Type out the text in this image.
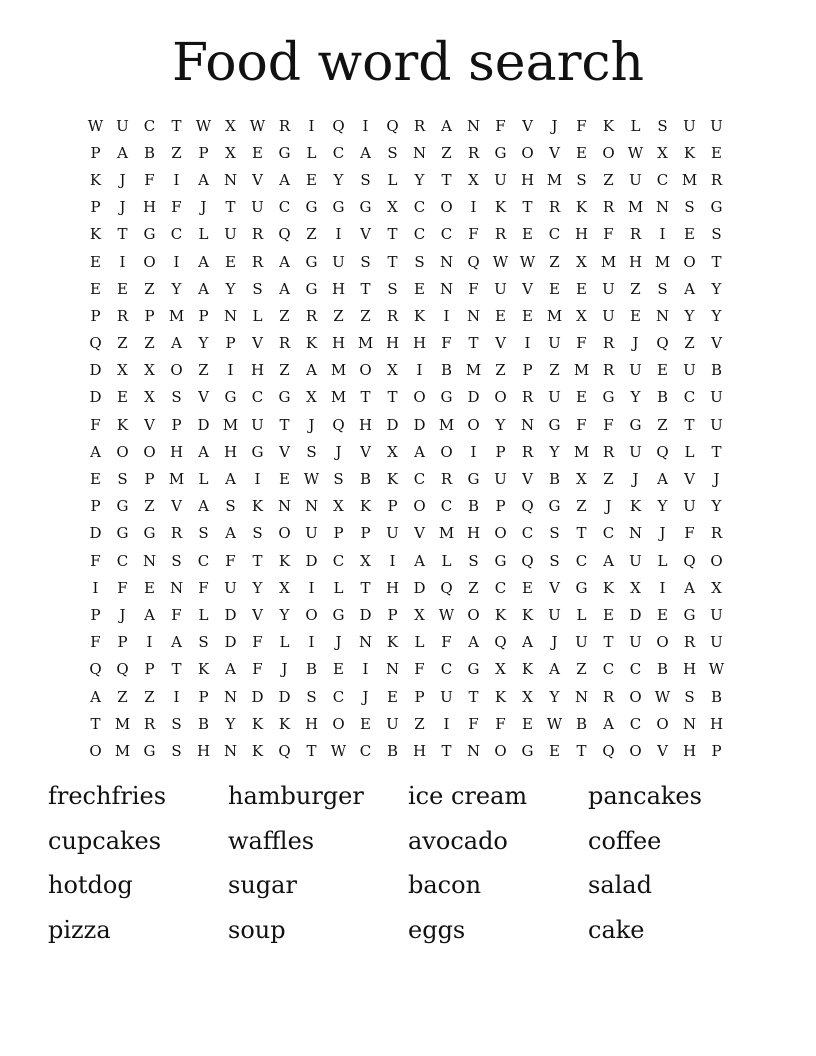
Food word search
W U C	T W X W R	I	Q	I	Q	R	A	N	F	V	J	F	K	L	S	U U
P	A	B	Z	P	X	E	G	L	C	A	S	N	Z	R	G O	V	E	O W X	K	E
K	J	F	I	A	N	V	A	E	Y	S	L	Y	T	X	U H M S	Z	U C M R
P	J	H	F	J	T	U C	G	G	G	X	C	O	I	K	T	R	K	R M N	S	G
K	T	G	C	L	U	R	Q	Z	I	V	T	C	C	F	R	E	C H	F	R	I	E	S
E	I	O	I	A	E	R	A	G U	S	T	S	N Q W W Z	X M H M O	T
E	E	Z	Y	A	Y	S	A	G H	T	S	E N	F	U	V	E	E	U	Z	S	A	Y
P	R	P M P	N	L	Z	R	Z	Z	R	K	I	N E	E M X	U	E N	Y	Y
Q	Z	Z	A	Y	P	V	R	K H M H H	F	T	V	I	U	F	R	J	Q	Z	V
D	X	X	O	Z	I	H	Z	A M O	X	I	B M Z	P	Z M R	U	E	U	B
D	E	X	S	V	G	C	G	X M T	T	O G	D O	R	U	E	G	Y	B	C U
F	K	V	P	D M U	T	J	Q H D D M O	Y	N G	F	F	G	Z	T	U
A	O O H	A	H G	V	S	J	V	X	A	O	I	P	R	Y M R	U Q	L	T
E	S	P M L	A	I	E W S	B	K	C	R	G U	V	B	X	Z	J	A	V	J
P	G	Z	V	A	S	K N N	X	K	P	O	C	B	P	Q G	Z	J	K	Y	U	Y
D G	G	R	S	A	S	O U	P	P	U	V M H O	C	S	T	C N	J	F	R
F	C N	S	C	F	T	K	D	C	X	I	A	L	S	G Q	S	C	A	U	L	Q O
I	F	E N	F	U	Y	X	I	L	T	H D Q	Z	C	E	V	G	K	X	I	A	X
P	J	A	F	L	D	V	Y	O G	D	P	X W O	K	K	U	L	E	D	E	G U
F	P	I	A	S	D	F	L	I	J	N K	L	F	A	Q	A	J	U	T	U O	R	U
Q Q	P	T	K	A	F	J	B	E	I	N	F	C	G	X	K	A	Z	C	C	B H W
A	Z	Z	I	P	N D D	S	C	J	E	P	U	T	K	X	Y	N R	O W S	B
T M R	S	B	Y	K	K H O	E	U	Z	I	F	F	E W B	A	C	O N H
O M G	S	H N K	Q	T W C	B H	T	N O G	E	T	Q O	V	H	P
frechfries	hamburger	ice cream	pancakes
cupcakes	waffles	avocado	coffee
hotdog	sugar	bacon	salad
pizza	soup	eggs	cake
